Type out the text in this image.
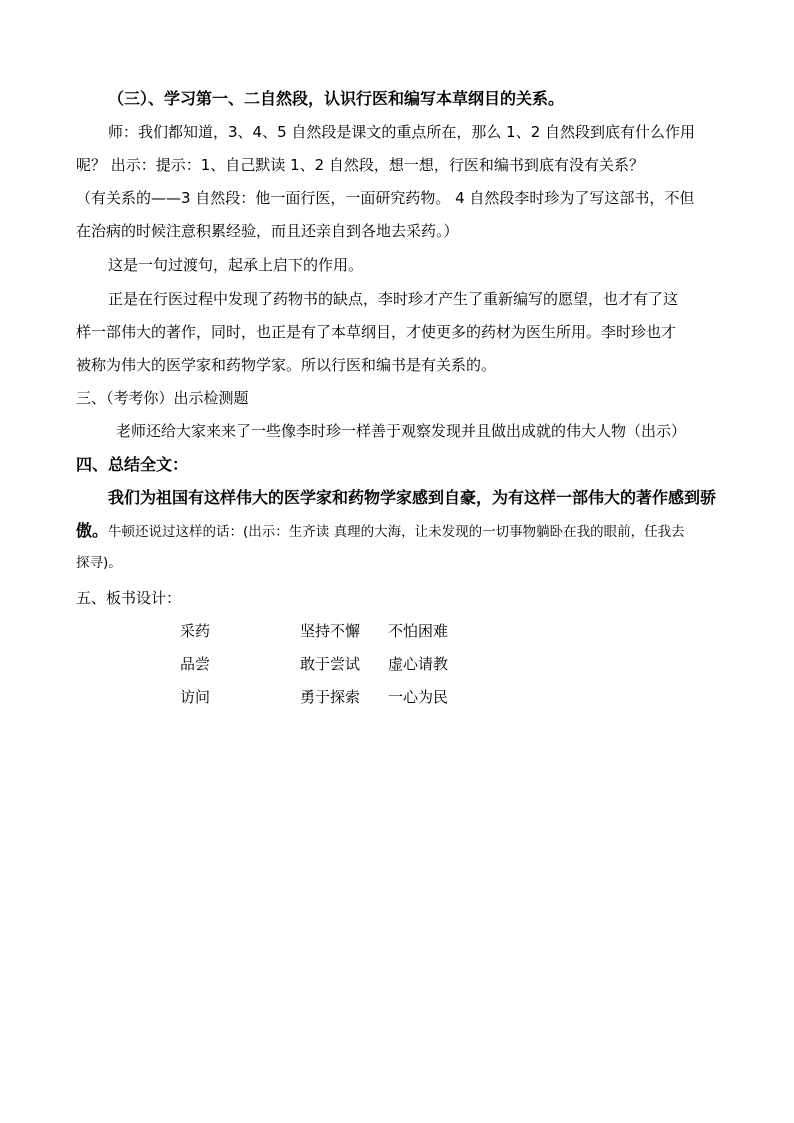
（三）、学习第一、二自然段，认识行医和编写本草纲目的关系。
师：我们都知道，3、4、5 自然段是课文的重点所在，那么 1、2 自然段到底有什么作用
呢？ 出示：提示：1、自己默读 1、2 自然段，想一想，行医和编书到底有没有关系？
（有关系的——3 自然段：他一面行医，一面研究药物。 4 自然段李时珍为了写这部书，不但
在治病的时候注意积累经验，而且还亲自到各地去采药。）
这是一句过渡句，起承上启下的作用。
正是在行医过程中发现了药物书的缺点，李时珍才产生了重新编写的愿望，也才有了这
样一部伟大的著作，同时，也正是有了本草纲目，才使更多的药材为医生所用。李时珍也才
被称为伟大的医学家和药物学家。所以行医和编书是有关系的。
三、（考考你）出示检测题
老师还给大家来来了一些像李时珍一样善于观察发现并且做出成就的伟大人物（出示）
四、总结全文：
我们为祖国有这样伟大的医学家和药物学家感到自豪，为有这样一部伟大的著作感到骄
傲。牛顿还说过这样的话：(出示：生齐读 真理的大海，让未发现的一切事物躺卧在我的眼前，任我去
探寻)。
五、板书设计：
采药	坚持不懈 不怕困难
品尝	敢于尝试 虚心请教
访问	勇于探索 一心为民
